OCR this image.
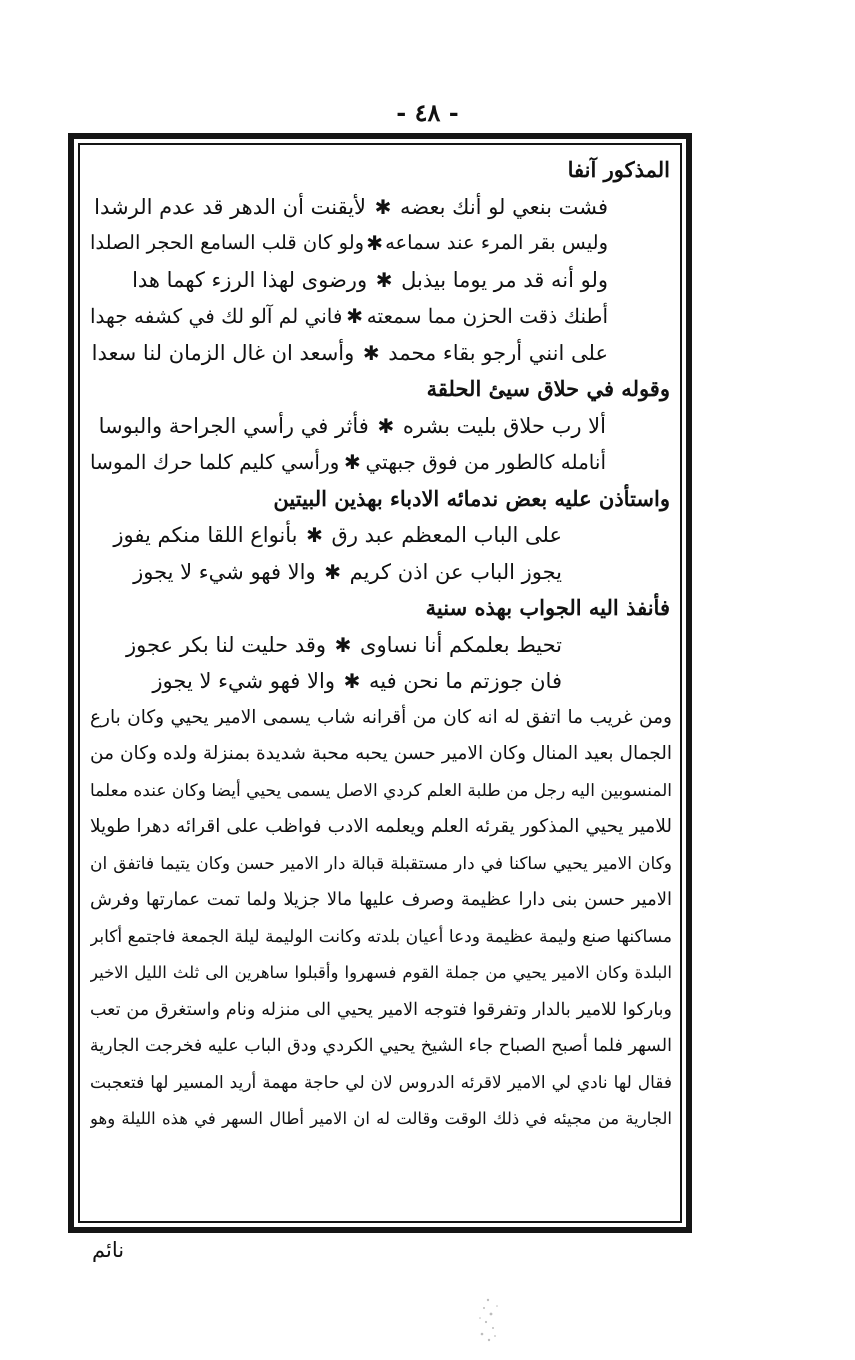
- ٤٨ -
المذكور آنفا
فشت بنعي لو أنك بعضه
✱
لأيقنت أن الدهر قد عدم الرشدا
وليس بقر المرء عند سماعه
✱
ولو كان قلب السامع الحجر الصلدا
ولو أنه قد مر يوما بيذبل
✱
ورضوى لهذا الرزء كهما هدا
أطنك ذقت الحزن مما سمعته
✱
فاني لم آلو لك في كشفه جهدا
على انني أرجو بقاء محمد
✱
وأسعد ان غال الزمان لنا سعدا
وقوله في حلاق سيئ الحلقة
ألا رب حلاق بليت بشره
✱
فأثر في رأسي الجراحة والبوسا
أنامله كالطور من فوق جبهتي
✱
ورأسي كليم كلما حرك الموسا
واستأذن عليه بعض ندمائه الادباء بهذين البيتين
على الباب المعظم عبد رق
✱
بأنواع اللقا منكم يفوز
يجوز الباب عن اذن كريم
✱
والا فهو شيء لا يجوز
فأنفذ اليه الجواب بهذه سنية
تحيط بعلمكم أنا نساوى
✱
وقد حليت لنا بكر عجوز
فان جوزتم ما نحن فيه
✱
والا فهو شيء لا يجوز
ومن غريب ما اتفق له انه كان من أقرانه شاب يسمى الامير يحيي وكان بارع
الجمال بعيد المنال وكان الامير حسن يحبه محبة شديدة بمنزلة ولده وكان من
المنسوبين اليه رجل من طلبة العلم كردي الاصل يسمى يحيي أيضا وكان عنده معلما
للامير يحيي المذكور يقرئه العلم ويعلمه الادب فواظب على اقرائه دهرا طويلا
وكان الامير يحيي ساكنا في دار مستقبلة قبالة دار الامير حسن وكان يتيما فاتفق ان
الامير حسن بنى دارا عظيمة وصرف عليها مالا جزيلا ولما تمت عمارتها وفرش
مساكنها صنع وليمة عظيمة ودعا أعيان بلدته وكانت الوليمة ليلة الجمعة فاجتمع أكابر
البلدة وكان الامير يحيي من جملة القوم فسهروا وأقبلوا ساهرين الى ثلث الليل الاخير
وباركوا للامير بالدار وتفرقوا فتوجه الامير يحيي الى منزله ونام واستغرق من تعب
السهر فلما أصبح الصباح جاء الشيخ يحيي الكردي ودق الباب عليه فخرجت الجارية
فقال لها نادي لي الامير لاقرئه الدروس لان لي حاجة مهمة أريد المسير لها فتعجبت
الجارية من مجيئه في ذلك الوقت وقالت له ان الامير أطال السهر في هذه الليلة وهو
نائم
